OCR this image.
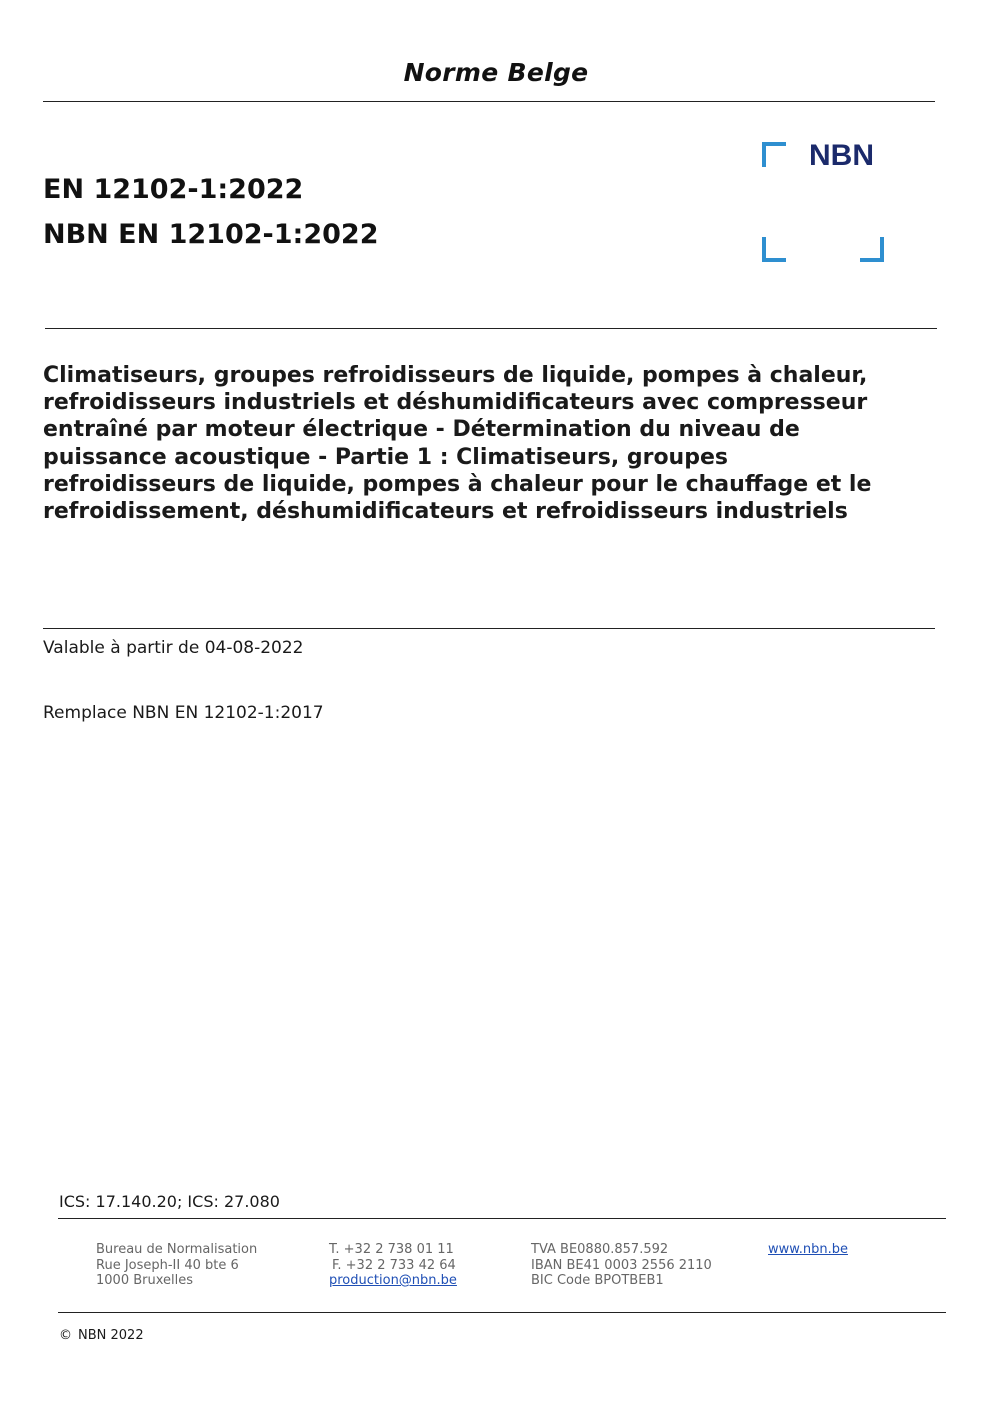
Norme Belge
EN 12102-1:2022
NBN EN 12102-1:2022
NBN
Climatiseurs, groupes refroidisseurs de liquide, pompes à chaleur, refroidisseurs industriels et déshumidificateurs avec compresseur entraîné par moteur électrique - Détermination du niveau de puissance acoustique - Partie 1 : Climatiseurs, groupes refroidisseurs de liquide, pompes à chaleur pour le chauffage et le refroidissement, déshumidificateurs et refroidisseurs industriels
Valable à partir de 04-08-2022
Remplace NBN EN 12102-1:2017
ICS: 17.140.20; ICS: 27.080
Bureau de Normalisation
Rue Joseph-II 40 bte 6
1000 Bruxelles
T. +32 2 738 01 11
F. +32 2 733 42 64
production@nbn.be
TVA BE0880.857.592
IBAN BE41 0003 2556 2110
BIC Code BPOTBEB1
www.nbn.be
© NBN 2022
